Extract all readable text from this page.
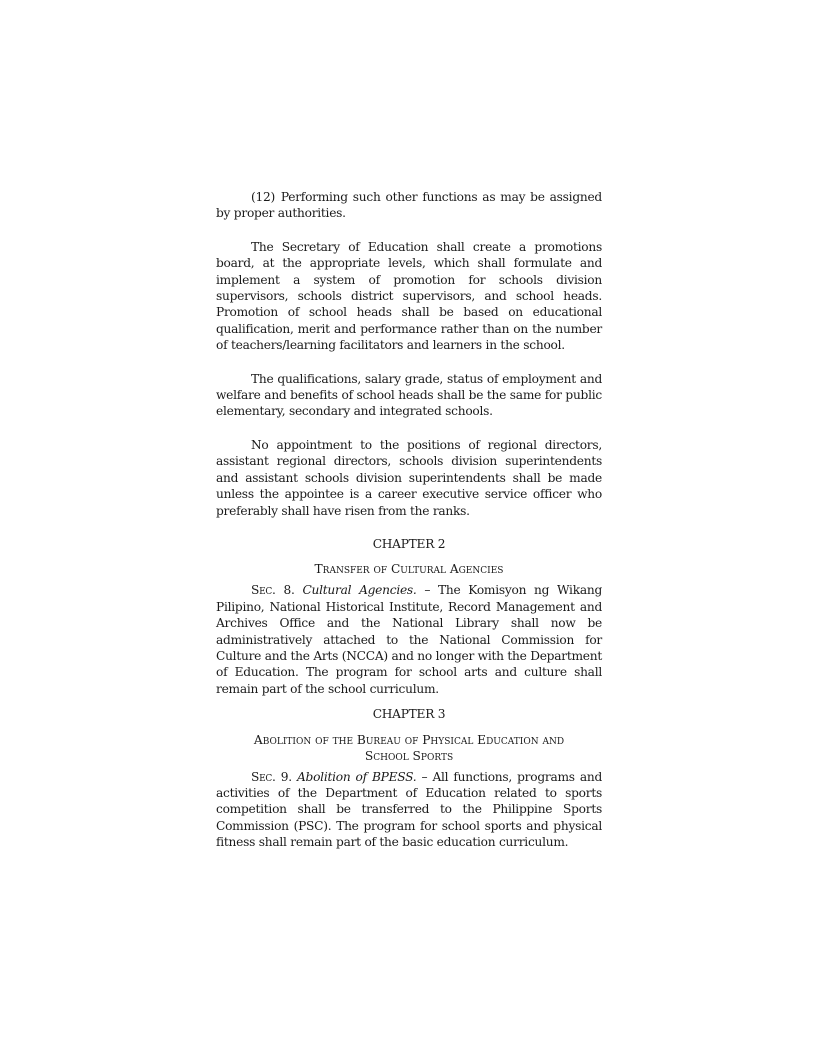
(12) Performing such other functions as may be assigned by proper authorities.

The Secretary of Education shall create a promotions board, at the appropriate levels, which shall formulate and implement a system of promotion for schools division supervisors, schools district supervisors, and school heads. Promotion of school heads shall be based on educational qualification, merit and performance rather than on the number of teachers/learning facilitators and learners in the school.

The qualifications, salary grade, status of employment and welfare and benefits of school heads shall be the same for public elementary, secondary and integrated schools.

No appointment to the positions of regional directors, assistant regional directors, schools division superintendents and assistant schools division superintendents shall be made unless the appointee is a career executive service officer who preferably shall have risen from the ranks.

CHAPTER 2
Transfer of Cultural Agencies

Sec. 8. Cultural Agencies. – The Komisyon ng Wikang Pilipino, National Historical Institute, Record Management and Archives Office and the National Library shall now be administratively attached to the National Commission for Culture and the Arts (NCCA) and no longer with the Department of Education. The program for school arts and culture shall remain part of the school curriculum.

CHAPTER 3
Abolition of the Bureau of Physical Education and
School Sports

Sec. 9. Abolition of BPESS. – All functions, programs and activities of the Department of Education related to sports competition shall be transferred to the Philippine Sports Commission (PSC). The program for school sports and physical fitness shall remain part of the basic education curriculum.
